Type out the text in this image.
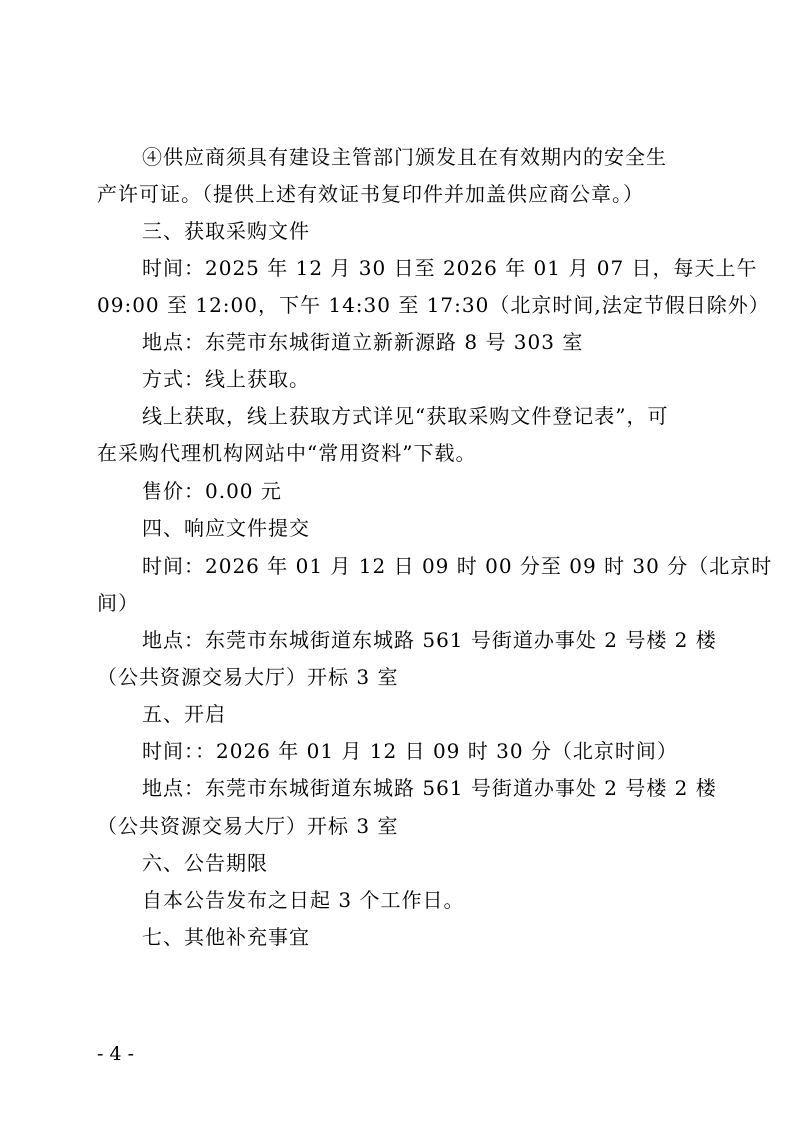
④供应商须具有建设主管部门颁发且在有效期内的安全生
产许可证。（提供上述有效证书复印件并加盖供应商公章。）
三、获取采购文件
时间：2025 年 12 月 30 日至 2026 年 01 月 07 日，每天上午
09:00 至 12:00，下午 14:30 至 17:30（北京时间,法定节假日除外）
地点：东莞市东城街道立新新源路 8 号 303 室
方式：线上获取。
线上获取，线上获取方式详见“获取采购文件登记表”，可
在采购代理机构网站中“常用资料”下载。
售价：0.00 元
四、响应文件提交
时间：2026 年 01 月 12 日 09 时 00 分至 09 时 30 分（北京时
间）
地点：东莞市东城街道东城路 561 号街道办事处 2 号楼 2 楼
（公共资源交易大厅）开标 3 室
五、开启
时间：：2026 年 01 月 12 日 09 时 30 分（北京时间）
地点：东莞市东城街道东城路 561 号街道办事处 2 号楼 2 楼
（公共资源交易大厅）开标 3 室
六、公告期限
自本公告发布之日起 3 个工作日。
七、其他补充事宜
- 4 -
